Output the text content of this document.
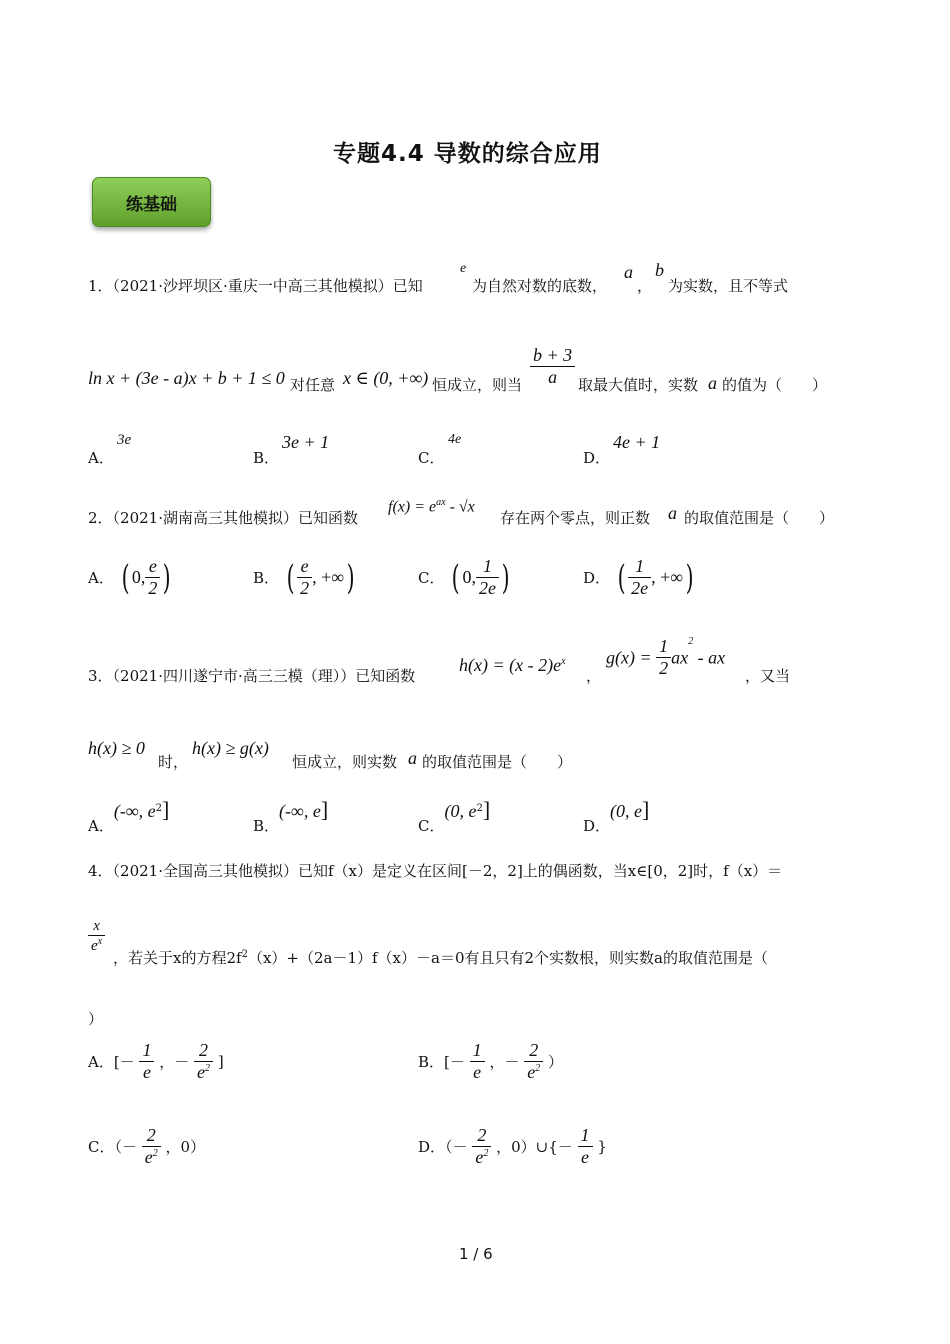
专题4.4 导数的综合应用
练基础
1．（2021·沙坪坝区·重庆一中高三其他模拟）已知
e
为自然对数的底数，
a
，
b
为实数，且不等式
ln x + (3e - a)x + b + 1 ≤ 0 对任意 x ∈ (0, +∞) 恒成立，则当 $\frac{b + 3}{a}$ 取最大值时，实数 a 的值为（　　）
A．
3e
B．
3e + 1
C．
4e
D．
4e + 1
2．（2021·湖南高三其他模拟）已知函数
$f(x) = e^{ax} - √x$
存在两个零点，则正数 a 的取值范围是（　　）
A． ( 0, $\frac{e}{2}$ )	B． ( $\frac{e}{2}$ , +∞)	C． ( 0, $\frac{1}{2e}$ )	D． ( $\frac{1}{2e}$ , +∞)
3．（2021·四川遂宁市·高三三模（理））已知函数
$h(x) = (x - 2)e^x$
，
$g(x) = \frac{1}{2} ax^2$ - ax
，又当
h(x) ≥ 0
时，
h(x) ≥ g(x)
恒成立，则实数 a 的取值范围是（　　）
A．(-∞, $e^2$]
B．(-∞, e]
C．(0, $e^2$]
D．(0, e]
4．（2021·全国高三其他模拟）已知f（x）是定义在区间[－2，2]上的偶函数，当x∈[0，2]时，f（x）＝
$\frac{x}{e^x}$
，若关于x的方程$2f^2(x)+(2a-1)f(x)-a=0$有且只有2个实数根，则实数a的取值范围是（
）
A．[－ $\frac{1}{e}$ ，－ $\frac{2}{e^2}$ ]	B．[－ $\frac{1}{e}$ ，－ $\frac{2}{e^2}$ ）
C．（－ $\frac{2}{e^2}$ ，0）	D．（－ $\frac{2}{e^2}$ ，0）∪{－ $\frac{1}{e}$ }
1 / 6
